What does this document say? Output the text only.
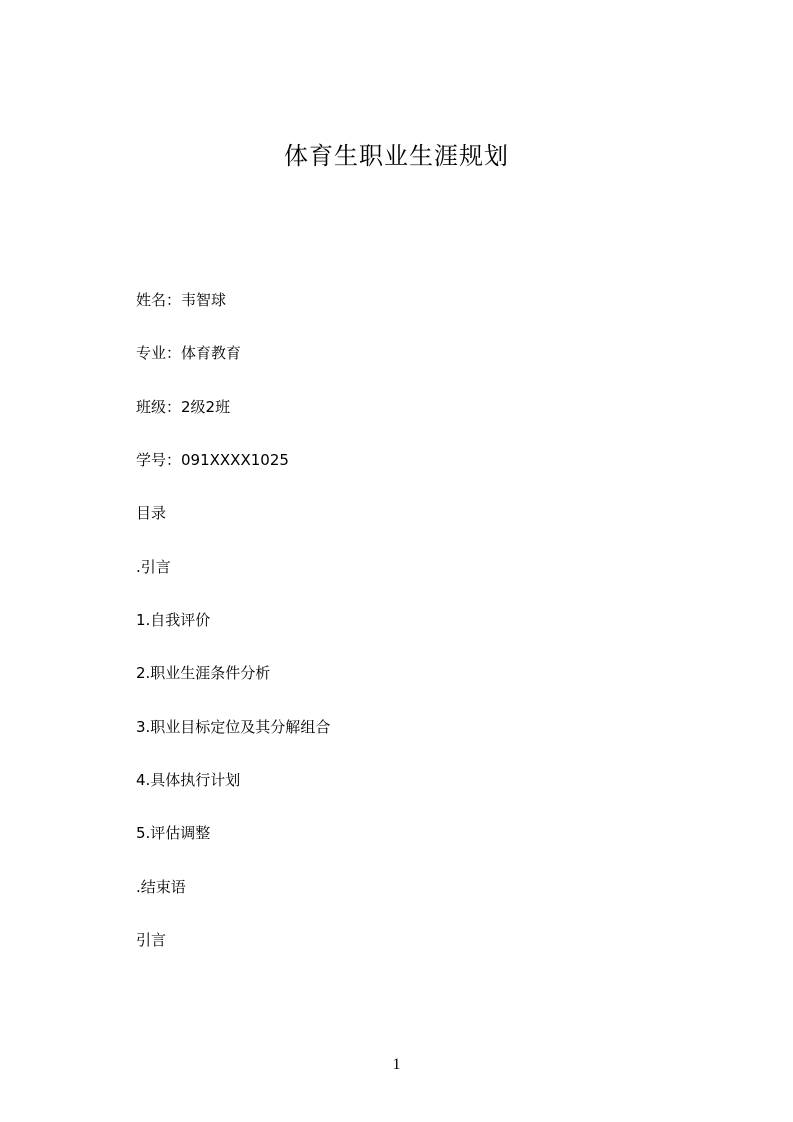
体育生职业生涯规划
姓名：韦智球
专业：体育教育
班级：2级2班
学号：091XXXX1025
目录
.引言
1.自我评价
2.职业生涯条件分析
3.职业目标定位及其分解组合
4.具体执行计划
5.评估调整
.结束语
引言
1
